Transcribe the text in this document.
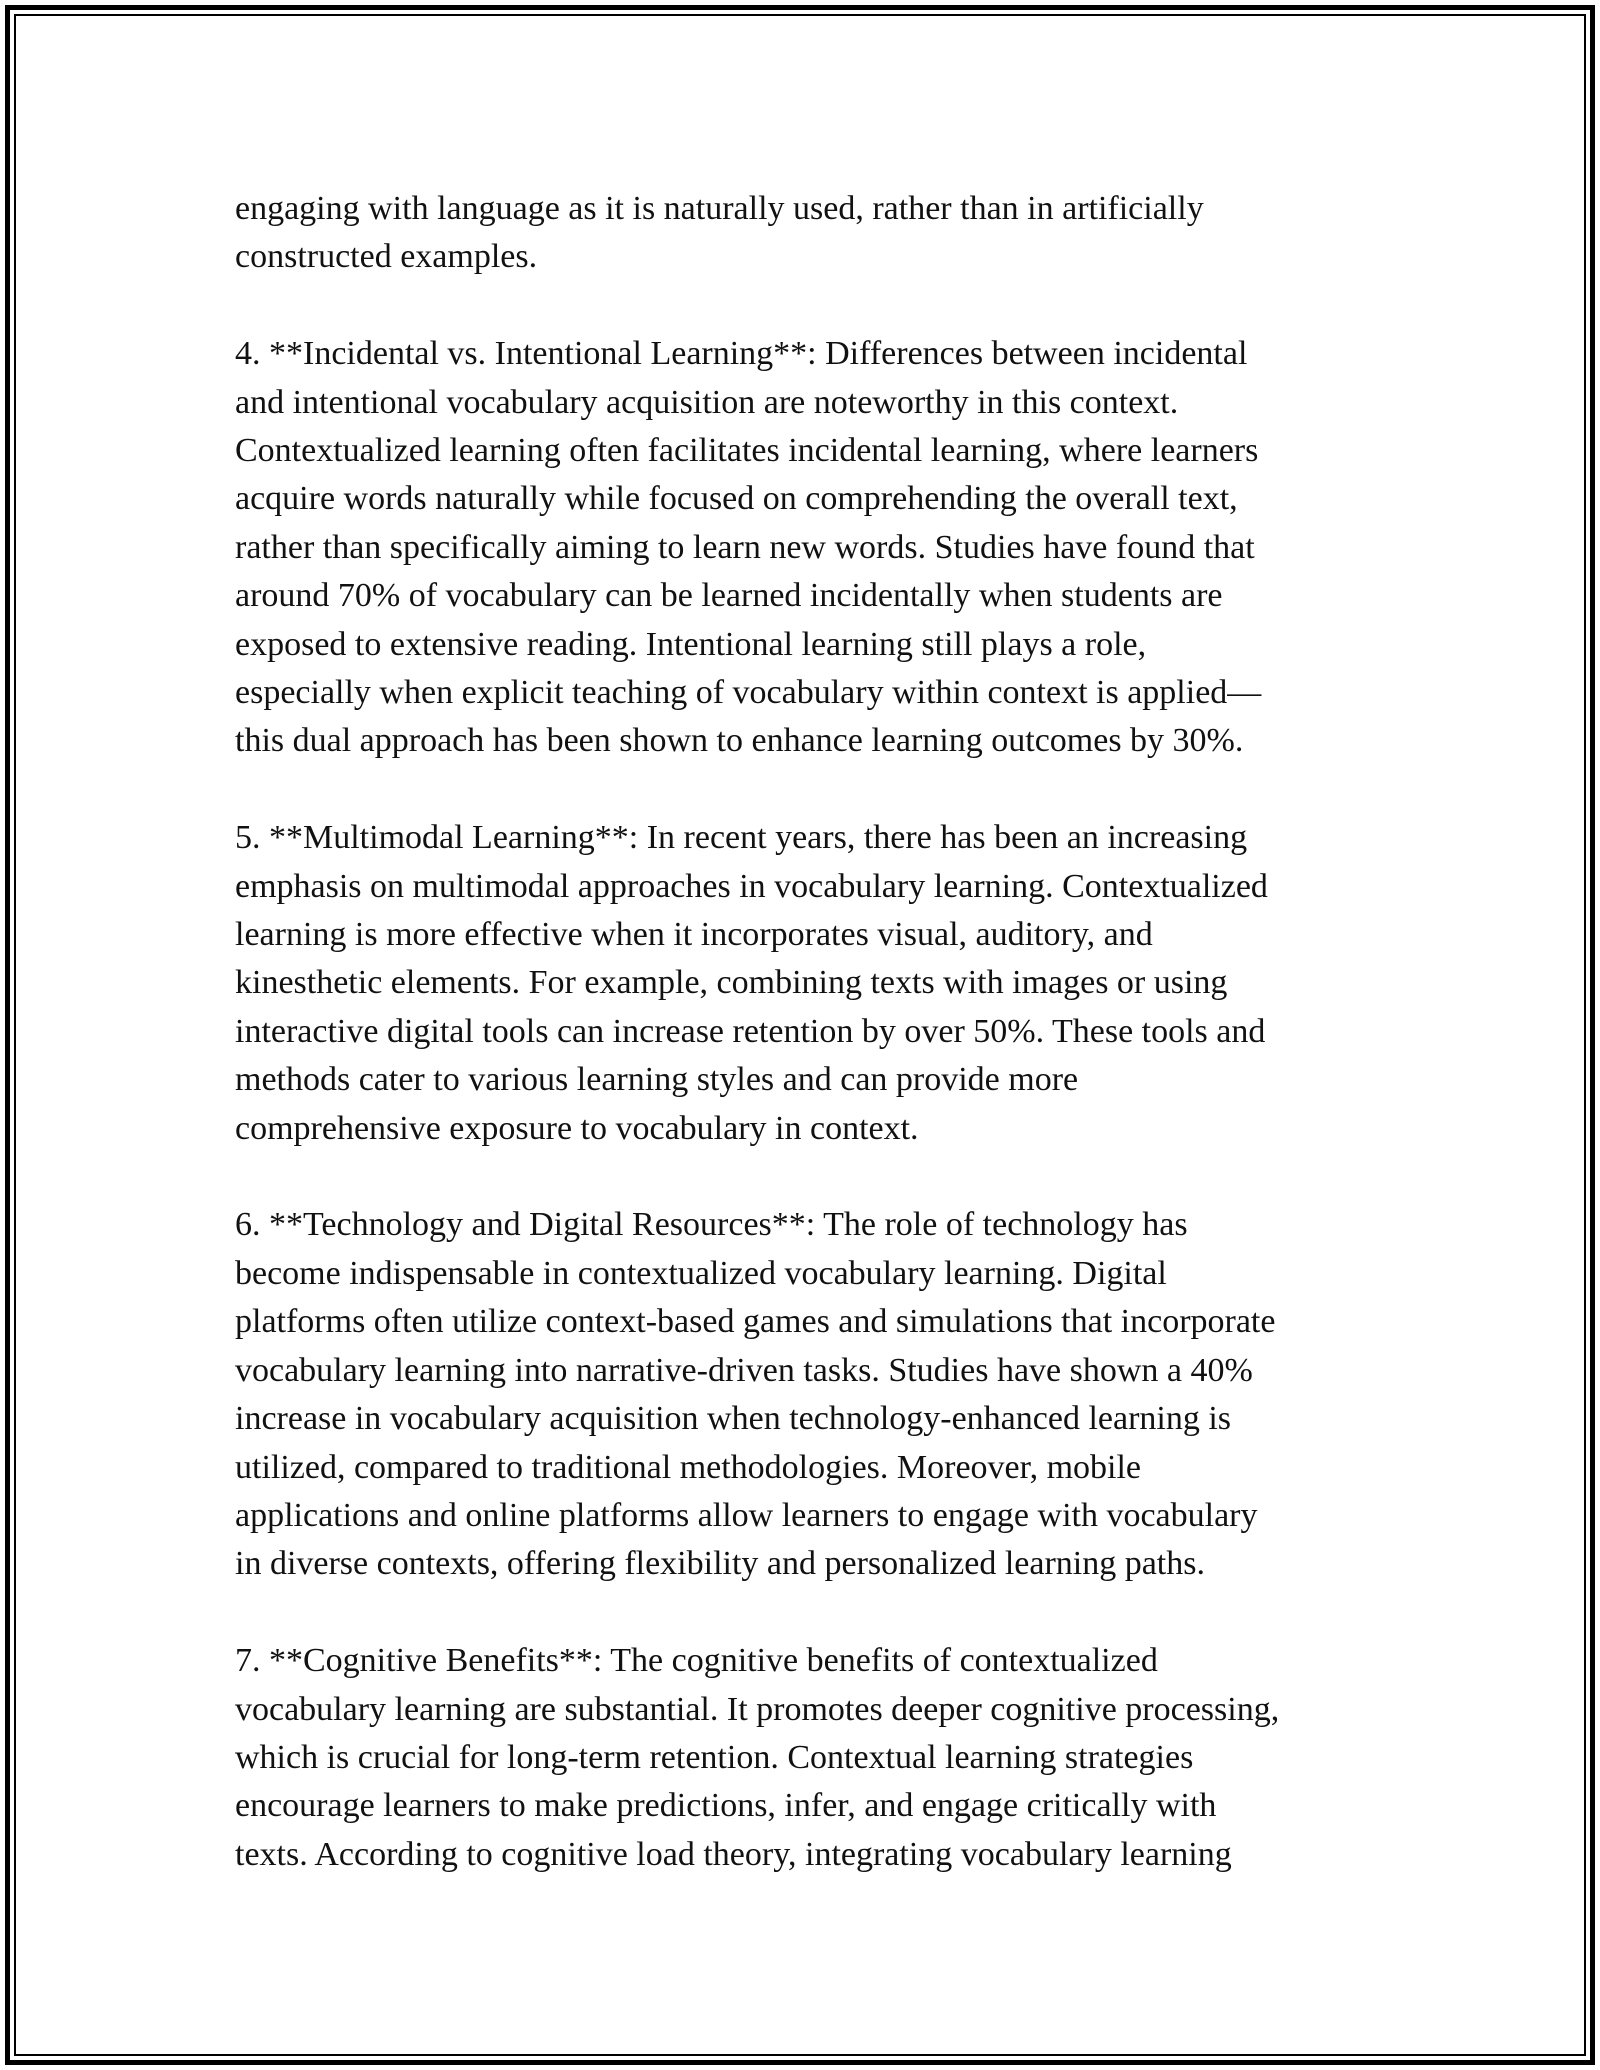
engaging with language as it is naturally used, rather than in artificially
constructed examples.

4. **Incidental vs. Intentional Learning**: Differences between incidental
and intentional vocabulary acquisition are noteworthy in this context.
Contextualized learning often facilitates incidental learning, where learners
acquire words naturally while focused on comprehending the overall text,
rather than specifically aiming to learn new words. Studies have found that
around 70% of vocabulary can be learned incidentally when students are
exposed to extensive reading. Intentional learning still plays a role,
especially when explicit teaching of vocabulary within context is applied—
this dual approach has been shown to enhance learning outcomes by 30%.

5. **Multimodal Learning**: In recent years, there has been an increasing
emphasis on multimodal approaches in vocabulary learning. Contextualized
learning is more effective when it incorporates visual, auditory, and
kinesthetic elements. For example, combining texts with images or using
interactive digital tools can increase retention by over 50%. These tools and
methods cater to various learning styles and can provide more
comprehensive exposure to vocabulary in context.

6. **Technology and Digital Resources**: The role of technology has
become indispensable in contextualized vocabulary learning. Digital
platforms often utilize context-based games and simulations that incorporate
vocabulary learning into narrative-driven tasks. Studies have shown a 40%
increase in vocabulary acquisition when technology-enhanced learning is
utilized, compared to traditional methodologies. Moreover, mobile
applications and online platforms allow learners to engage with vocabulary
in diverse contexts, offering flexibility and personalized learning paths.

7. **Cognitive Benefits**: The cognitive benefits of contextualized
vocabulary learning are substantial. It promotes deeper cognitive processing,
which is crucial for long-term retention. Contextual learning strategies
encourage learners to make predictions, infer, and engage critically with
texts. According to cognitive load theory, integrating vocabulary learning
